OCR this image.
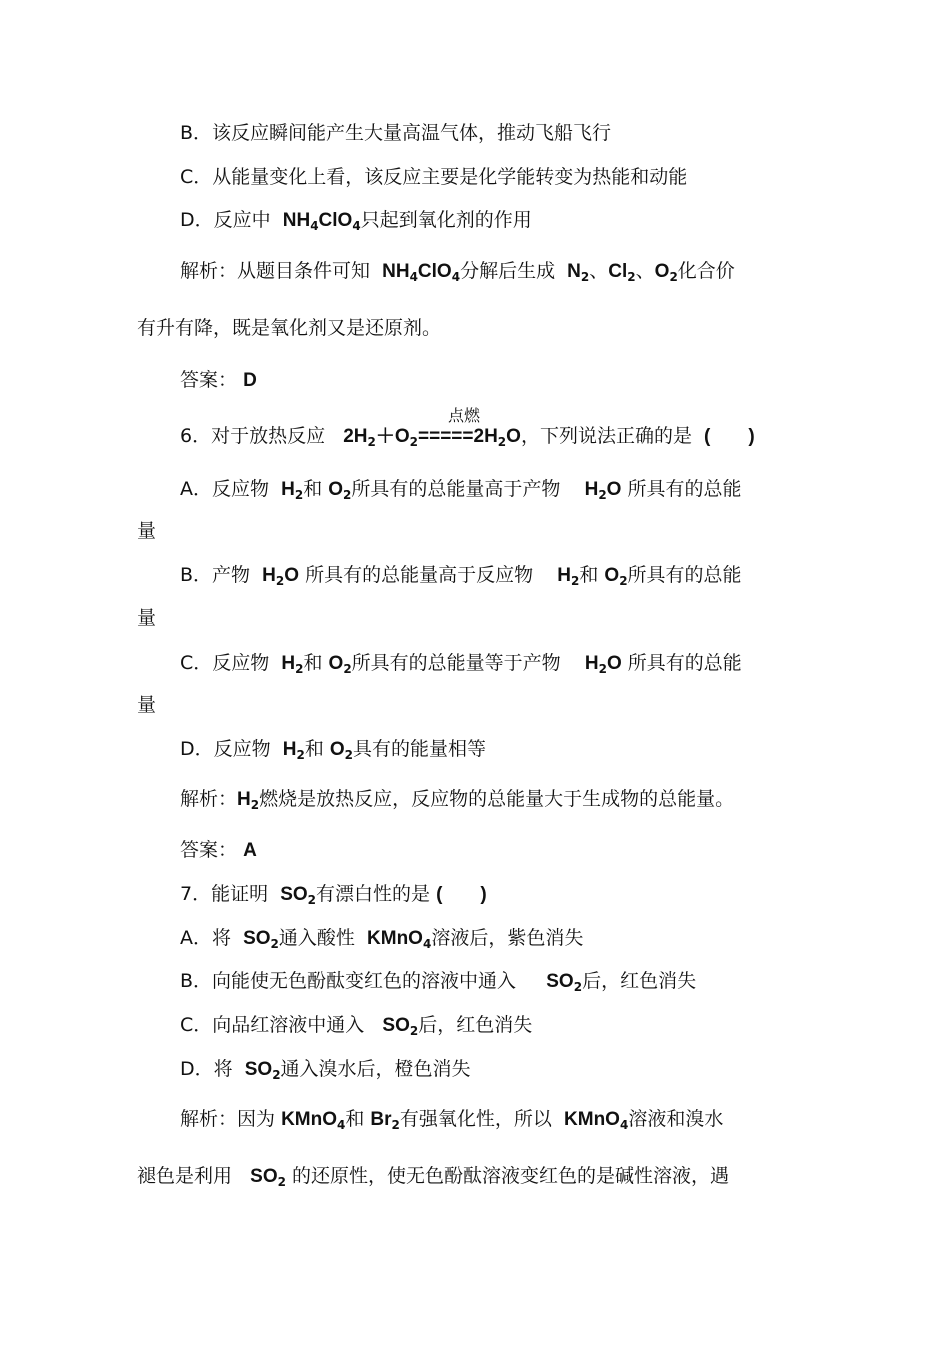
B．该反应瞬间能产生大量高温气体，推动飞船飞行
C．从能量变化上看，该反应主要是化学能转变为热能和动能
D．反应中 $NH_4ClO_4$只起到氧化剂的作用
解析：从题目条件可知 $NH_4ClO_4$分解后生成 $N_2$、$Cl_2$、$O_2$化合价
有升有降，既是氧化剂又是还原剂。
答案： D
6．对于放热反应 $2H_2+O_2$
点燃
$=====2H_2O$，下列说法正确的是 (　　)
A．反应物 $H_2$和 $O_2$所具有的总能量高于产物 $H_2O$ 所具有的总能
量
B．产物 $H_2O$ 所具有的总能量高于反应物 $H_2$和 $O_2$所具有的总能
量
C．反应物 $H_2$和 $O_2$所具有的总能量等于产物 $H_2O$ 所具有的总能
量
D．反应物 $H_2$和 $O_2$具有的能量相等
解析：$H_2$燃烧是放热反应，反应物的总能量大于生成物的总能量。
答案： A
7．能证明 $SO_2$有漂白性的是 (　　)
A．将 $SO_2$通入酸性 KMnO$_4$溶液后，紫色消失
B．向能使无色酚酞变红色的溶液中通入 $SO_2$后，红色消失
C．向品红溶液中通入 $SO_2$后，红色消失
D．将 $SO_2$通入溴水后，橙色消失
解析：因为 KMnO$_4$和 $Br_2$有强氧化性，所以 KMnO$_4$溶液和溴水
褪色是利用 $SO_2$ 的还原性，使无色酚酞溶液变红色的是碱性溶液，遇
